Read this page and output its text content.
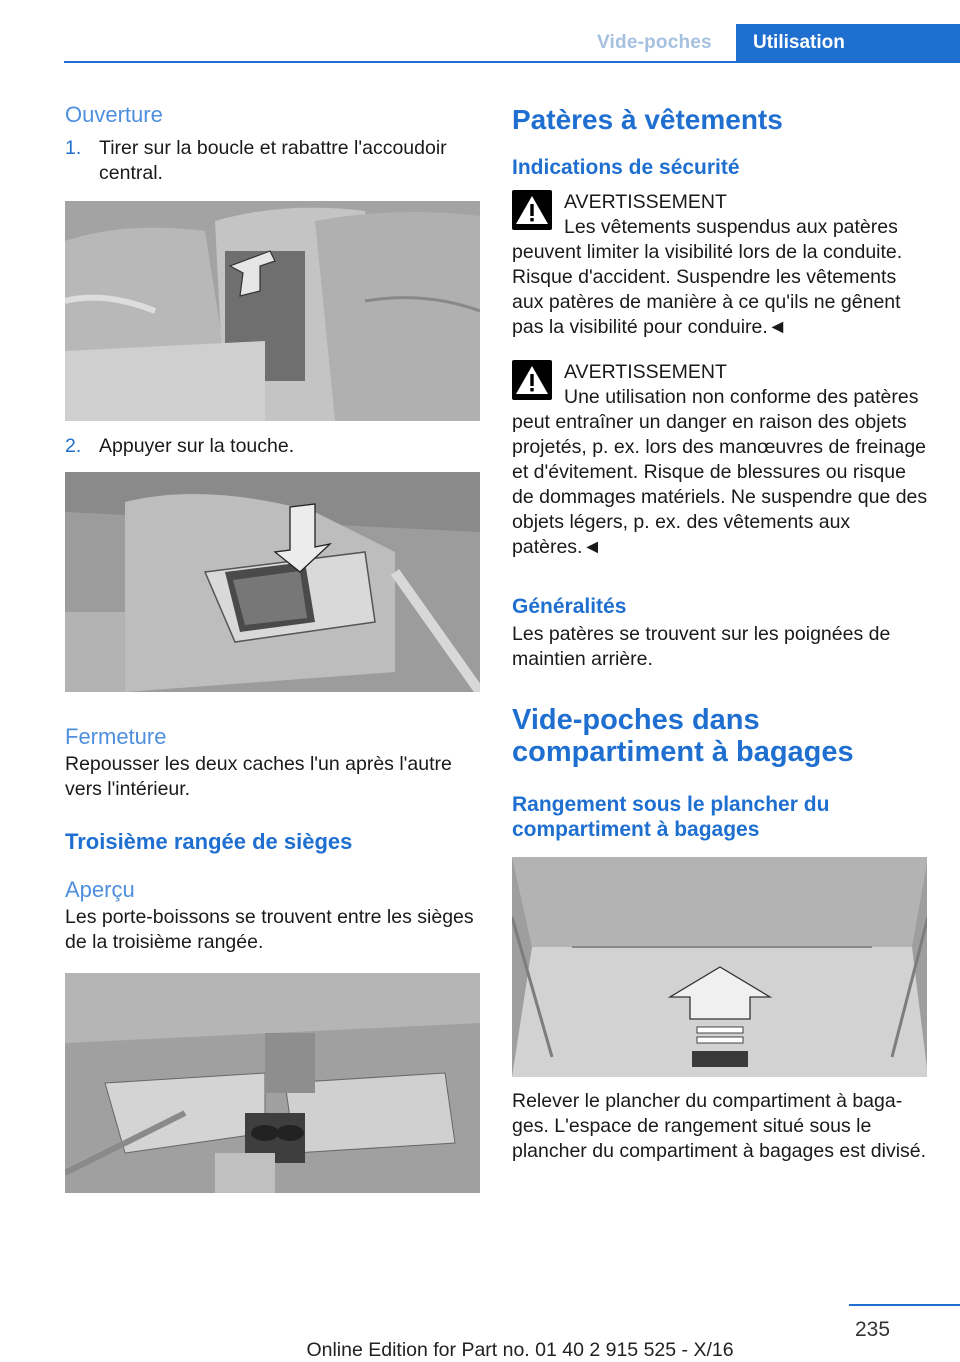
Vide-poches	Utilisation
Ouverture

1. Tirer sur la boucle et rabattre l'accoudoir central.

2. Appuyer sur la touche.

Fermeture

Repousser les deux caches l'un après l'autre vers l'intérieur.

Troisième rangée de sièges
Aperçu

Les porte-boissons se trouvent entre les sièges de la troisième rangée.

Patères à vêtements
Indications de sécurité
AVERTISSEMENT
Les vêtements suspendus aux patères peuvent limiter la visibilité lors de la conduite. Risque d'accident. Suspendre les vêtements aux patères de manière à ce qu'ils ne gênent pas la visibilité pour conduire.◄
AVERTISSEMENT
Une utilisation non conforme des patères peut entraîner un danger en raison des objets projetés, p. ex. lors des manœuvres de freinage et d'évitement. Risque de blessures ou risque de dommages matériels. Ne suspendre que des objets légers, p. ex. des vêtements aux patères.◄
Généralités

Les patères se trouvent sur les poignées de maintien arrière.

Vide-poches dans compartiment à bagages
Rangement sous le plancher du compartiment à bagages

Relever le plancher du compartiment à bagages. L'espace de rangement situé sous le plancher du compartiment à bagages est divisé.

235
Online Edition for Part no. 01 40 2 915 525 - X/16
